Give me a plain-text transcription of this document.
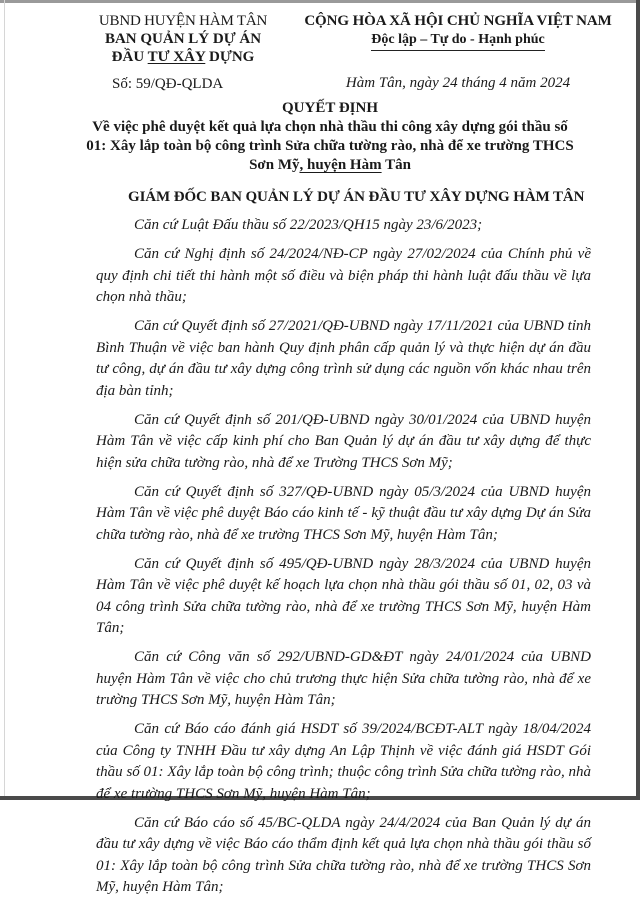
UBND HUYỆN HÀM TÂN
BAN QUẢN LÝ DỰ ÁN
ĐẦU TƯ XÂY DỰNG
Số: 59/QĐ-QLDA
CỘNG HÒA XÃ HỘI CHỦ NGHĨA VIỆT NAM
Độc lập – Tự do - Hạnh phúc
Hàm Tân, ngày 24 tháng 4 năm 2024
QUYẾT ĐỊNH
Về việc phê duyệt kết quả lựa chọn nhà thầu thi công xây dựng gói thầu số
01: Xây lắp toàn bộ công trình Sửa chữa tường rào, nhà để xe trường THCS
Sơn Mỹ, huyện Hàm Tân
GIÁM ĐỐC BAN QUẢN LÝ DỰ ÁN ĐẦU TƯ XÂY DỰNG HÀM TÂN

Căn cứ Luật Đấu thầu số 22/2023/QH15 ngày 23/6/2023;

Căn cứ Nghị định số 24/2024/NĐ-CP ngày 27/02/2024 của Chính phủ về quy định chi tiết thi hành một số điều và biện pháp thi hành luật đấu thầu về lựa chọn nhà thầu;

Căn cứ Quyết định số 27/2021/QĐ-UBND ngày 17/11/2021 của UBND tỉnh Bình Thuận về việc ban hành Quy định phân cấp quản lý và thực hiện dự án đầu tư công, dự án đầu tư xây dựng công trình sử dụng các nguồn vốn khác nhau trên địa bàn tỉnh;

Căn cứ Quyết định số 201/QĐ-UBND ngày 30/01/2024 của UBND huyện Hàm Tân về việc cấp kinh phí cho Ban Quản lý dự án đầu tư xây dựng để thực hiện sửa chữa tường rào, nhà để xe Trường THCS Sơn Mỹ;

Căn cứ Quyết định số 327/QĐ-UBND ngày 05/3/2024 của UBND huyện Hàm Tân về việc phê duyệt Báo cáo kinh tế - kỹ thuật đầu tư xây dựng Dự án Sửa chữa tường rào, nhà để xe trường THCS Sơn Mỹ, huyện Hàm Tân;

Căn cứ Quyết định số 495/QĐ-UBND ngày 28/3/2024 của UBND huyện Hàm Tân về việc phê duyệt kế hoạch lựa chọn nhà thầu gói thầu số 01, 02, 03 và 04 công trình Sửa chữa tường rào, nhà để xe trường THCS Sơn Mỹ, huyện Hàm Tân;

Căn cứ Công văn số 292/UBND-GD&ĐT ngày 24/01/2024 của UBND huyện Hàm Tân về việc cho chủ trương thực hiện Sửa chữa tường rào, nhà để xe trường THCS Sơn Mỹ, huyện Hàm Tân;

Căn cứ Báo cáo đánh giá HSDT số 39/2024/BCĐT-ALT ngày 18/04/2024 của Công ty TNHH Đầu tư xây dựng An Lập Thịnh về việc đánh giá HSDT Gói thầu số 01: Xây lắp toàn bộ công trình; thuộc công trình Sửa chữa tường rào, nhà để xe trường THCS Sơn Mỹ, huyện Hàm Tân;

Căn cứ Báo cáo số 45/BC-QLDA ngày 24/4/2024 của Ban Quản lý dự án đầu tư xây dựng về việc Báo cáo thẩm định kết quả lựa chọn nhà thầu gói thầu số 01: Xây lắp toàn bộ công trình Sửa chữa tường rào, nhà để xe trường THCS Sơn Mỹ, huyện Hàm Tân;
